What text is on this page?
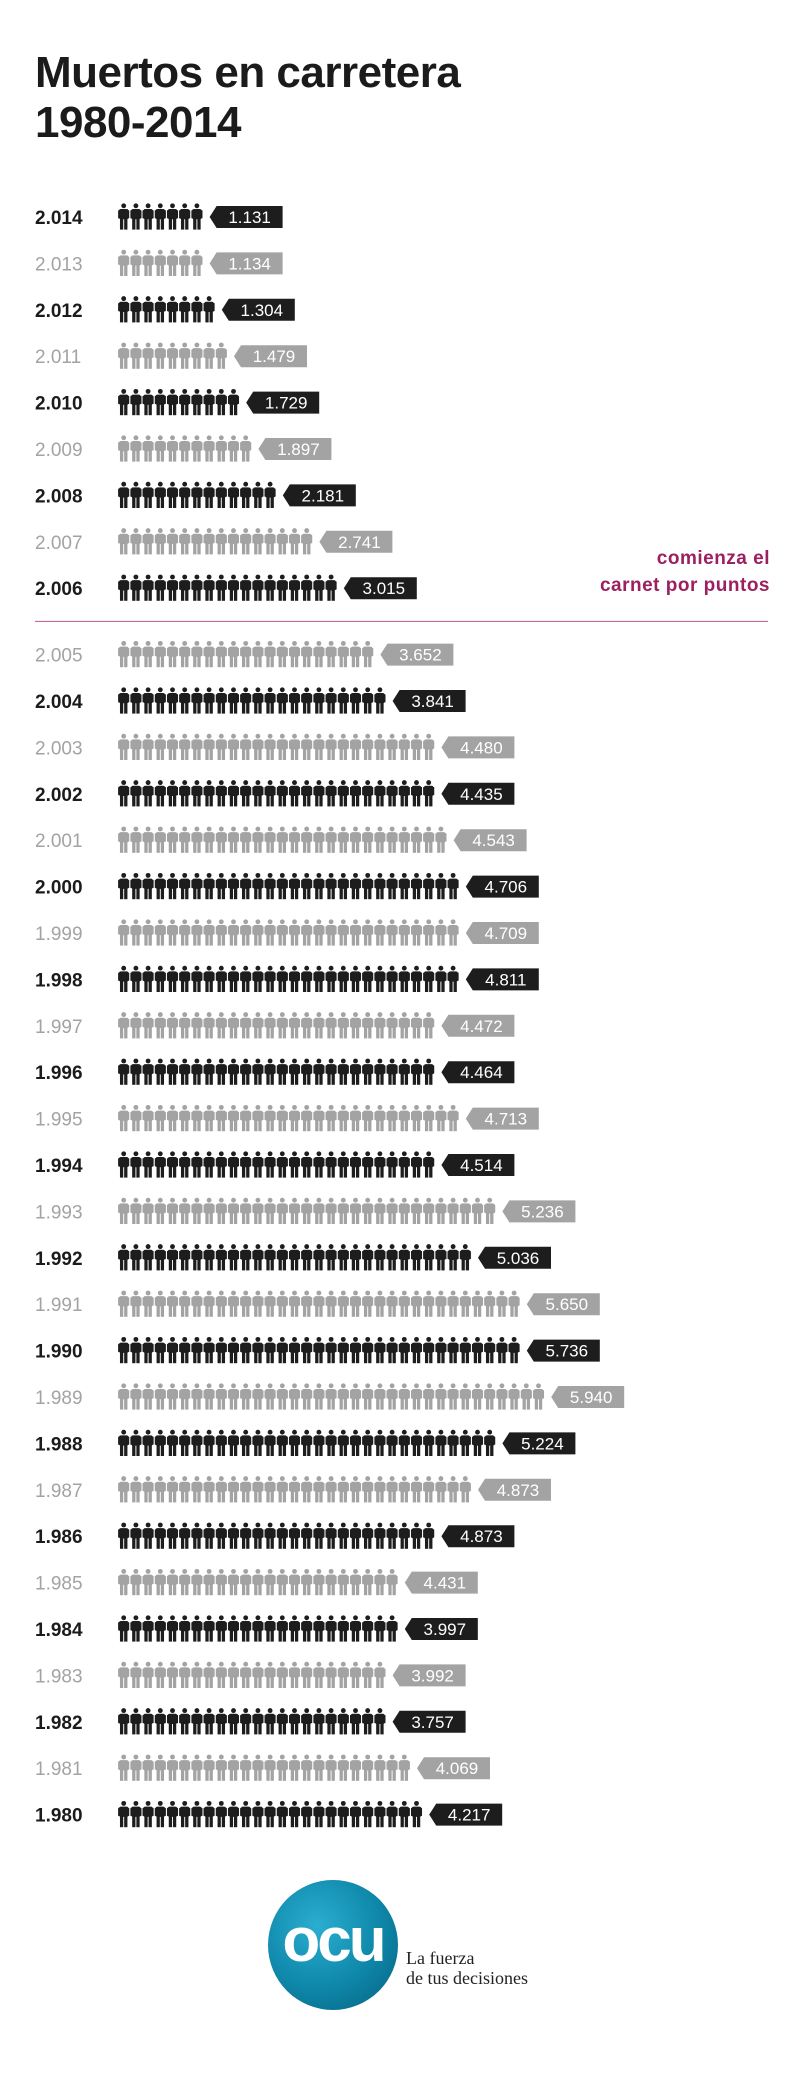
Muertos en carretera
1980-2014
2.014	1.131
2.013	1.134
2.012	1.304
2.011	1.479
2.010	1.729
2.009	1.897
2.008	2.181
2.007	2.741
2.006	3.015
2.005	3.652
2.004	3.841
2.003	4.480
2.002	4.435
2.001	4.543
2.000	4.706
1.999	4.709
1.998	4.811
1.997	4.472
1.996	4.464
1.995	4.713
1.994	4.514
1.993	5.236
1.992	5.036
1.991	5.650
1.990	5.736
1.989	5.940
1.988	5.224
1.987	4.873
1.986	4.873
1.985	4.431
1.984	3.997
1.983	3.992
1.982	3.757
1.981	4.069
1.980	4.217
comienza el
carnet por puntos
ocu	La fuerza
de tus decisiones
